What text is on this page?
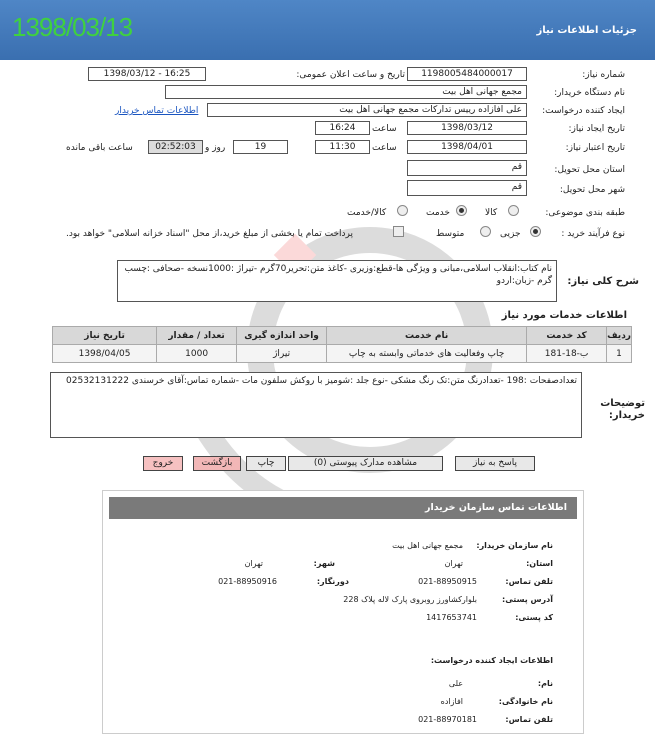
1398/03/13	جزئیات اطلاعات نیاز
شماره نیاز:
1198005484000017
تاریخ و ساعت اعلان عمومی:
1398/03/12 - 16:25
نام دستگاه خریدار:
مجمع جهانی اهل بیت
ایجاد کننده درخواست:
علی افازاده رییس تدارکات مجمع جهانی اهل بیت
اطلاعات تماس خریدار
تاریخ ایجاد نیاز:
1398/03/12
ساعت
16:24
تاریخ اعتبار نیاز:
1398/04/01
ساعت
11:30
19
روز و
02:52:03
ساعت باقی مانده
استان محل تحویل:
قم
شهر محل تحویل:
قم
طبقه بندی موضوعی:
کالا
خدمت
کالا/خدمت
نوع فرآیند خرید :
جزیی
متوسط
پرداخت تمام یا بخشی از مبلغ خرید،از محل "اسناد خزانه اسلامی" خواهد بود.
شرح کلی نیاز:
نام کتاب:انقلاب اسلامی،مبانی و ویژگی ها-قطع:وزیری -کاغذ متن:تحریر70گرم -تیراژ :1000نسخه -صحافی :چسب گرم -زبان:اردو
اطلاعات خدمات مورد نیاز
ردیف	کد خدمت	نام خدمت	واحد اندازه گیری	تعداد / مقدار	تاریخ نیاز
1	ب-18-181	چاپ وفعالیت های خدماتی وابسته به چاپ	تیراژ	1000	1398/04/05
توضیحات خریدار:
تعدادصفحات :198 -تعدادرنگ متن:تک رنگ مشکی -نوع جلد :شومیز با روکش سلفون مات -شماره تماس:آقای خرسندی 02532131222
پاسخ به نیاز
مشاهده مدارک پیوستی (0)
چاپ
بازگشت
خروج
اطلاعات تماس سازمان خریدار
نام سازمان خریدار:
مجمع جهانی اهل بیت
استان:
تهران
شهر:
تهران
تلفن تماس:
021-88950915
دورنگار:
021-88950916
آدرس پستی:
بلوارکشاورز روبروی پارک لاله پلاک 228
کد پستی:
1417653741
اطلاعات ایجاد کننده درخواست:
نام:
علی
نام خانوادگی:
افازاده
تلفن تماس:
021-88970181
